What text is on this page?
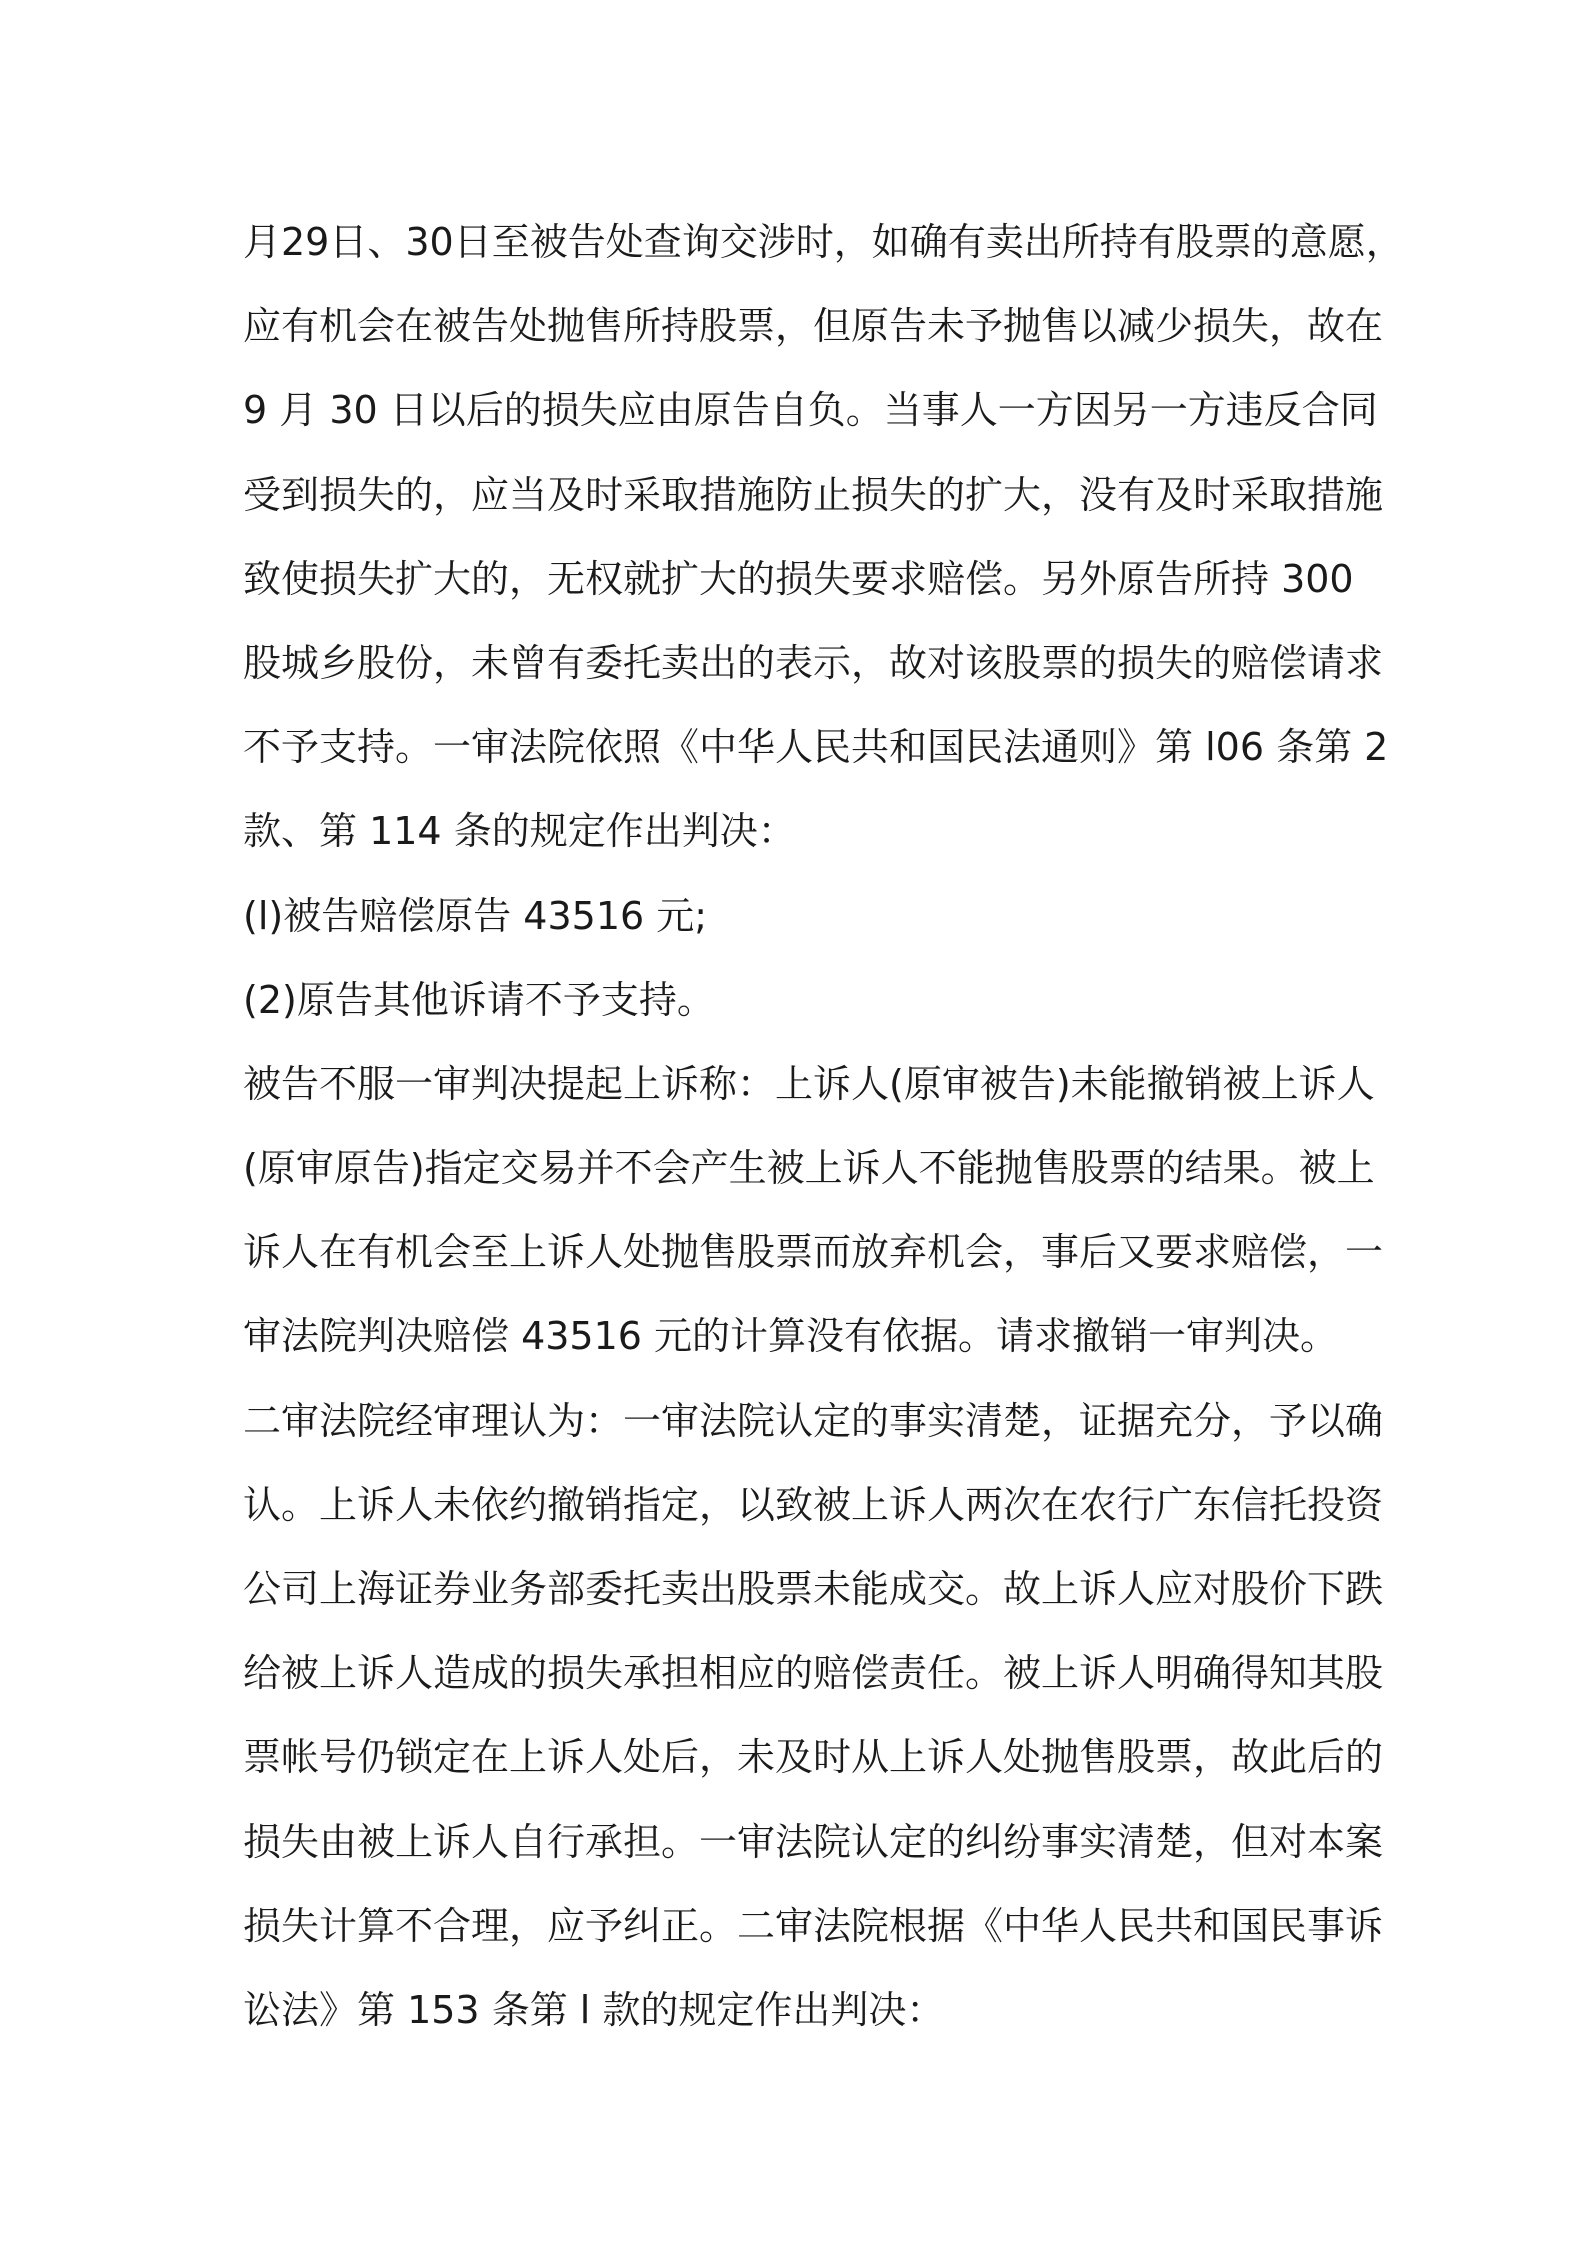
月29日、30日至被告处查询交涉时，如确有卖出所持有股票的意愿，
应有机会在被告处抛售所持股票，但原告未予抛售以减少损失，故在
9 月 30 日以后的损失应由原告自负。当事人一方因另一方违反合同
受到损失的，应当及时采取措施防止损失的扩大，没有及时采取措施
致使损失扩大的，无权就扩大的损失要求赔偿。另外原告所持 300
股城乡股份，未曾有委托卖出的表示，故对该股票的损失的赔偿请求
不予支持。一审法院依照《中华人民共和国民法通则》第 l06 条第 2
款、第 114 条的规定作出判决：
(l)被告赔偿原告 43516 元;
(2)原告其他诉请不予支持。
被告不服一审判决提起上诉称：上诉人(原审被告)未能撤销被上诉人
(原审原告)指定交易并不会产生被上诉人不能抛售股票的结果。被上
诉人在有机会至上诉人处抛售股票而放弃机会，事后又要求赔偿，一
审法院判决赔偿 43516 元的计算没有依据。请求撤销一审判决。
二审法院经审理认为：一审法院认定的事实清楚，证据充分，予以确
认。上诉人未依约撤销指定，以致被上诉人两次在农行广东信托投资
公司上海证券业务部委托卖出股票未能成交。故上诉人应对股价下跌
给被上诉人造成的损失承担相应的赔偿责任。被上诉人明确得知其股
票帐号仍锁定在上诉人处后，未及时从上诉人处抛售股票，故此后的
损失由被上诉人自行承担。一审法院认定的纠纷事实清楚，但对本案
损失计算不合理，应予纠正。二审法院根据《中华人民共和国民事诉
讼法》第 153 条第 l 款的规定作出判决：
